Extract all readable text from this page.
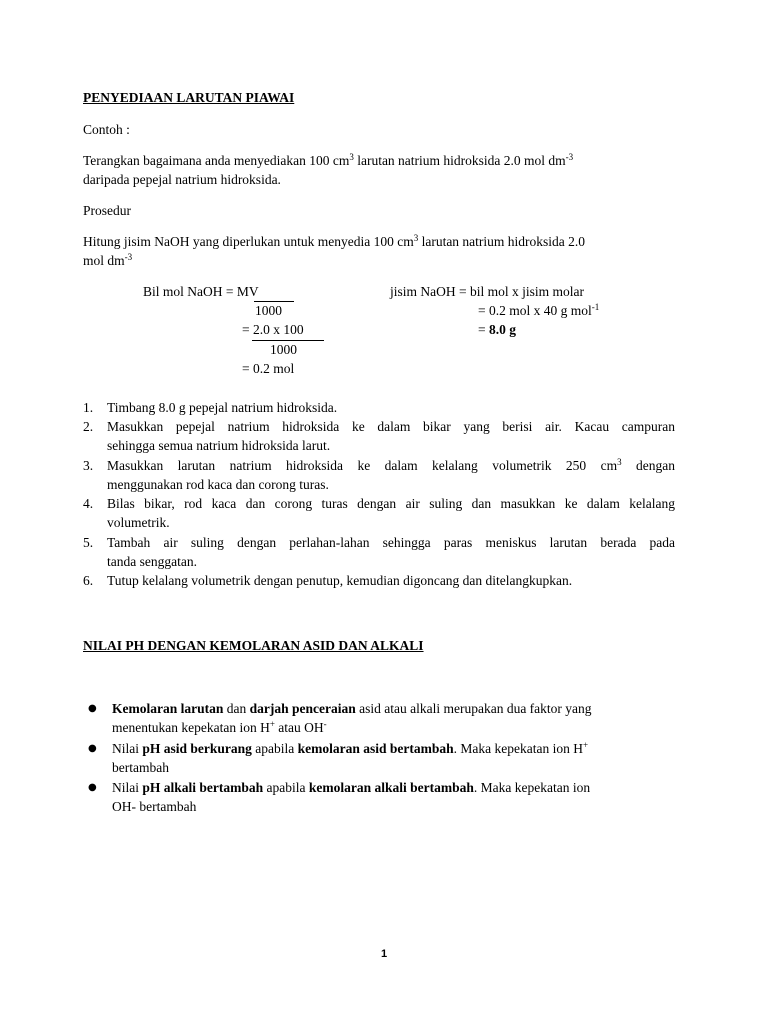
PENYEDIAAN LARUTAN PIAWAI
Contoh :
Terangkan bagaimana anda menyediakan 100 $cm^3$ larutan natrium hidroksida 2.0 mol $dm^{-3}$
daripada pepejal natrium hidroksida.
Prosedur
Hitung jisim NaOH yang diperlukan untuk menyedia 100 $cm^3$ larutan natrium hidroksida 2.0
mol $dm^{-3}$
Bil mol NaOH = MV
1000
= 2.0 x 100
1000
= 0.2 mol
jisim NaOH = bil mol x jisim molar
= 0.2 mol x 40 g mol$^{-1}$
= 8.0 g
1. Timbang 8.0 g pepejal natrium hidroksida.
2. Masukkan pepejal natrium hidroksida ke dalam bikar yang berisi air. Kacau campuran
sehingga semua natrium hidroksida larut.
3. Masukkan larutan natrium hidroksida ke dalam kelalang volumetrik 250 $cm^3$ dengan
menggunakan rod kaca dan corong turas.
4. Bilas bikar, rod kaca dan corong turas dengan air suling dan masukkan ke dalam kelalang
volumetrik.
5. Tambah air suling dengan perlahan-lahan sehingga paras meniskus larutan berada pada
tanda senggatan.
6. Tutup kelalang volumetrik dengan penutup, kemudian digoncang dan ditelangkupkan.
NILAI PH DENGAN KEMOLARAN ASID DAN ALKALI
● Kemolaran larutan dan darjah penceraian asid atau alkali merupakan dua faktor yang
menentukan kepekatan ion H+ atau OH-
● Nilai pH asid berkurang apabila kemolaran asid bertambah. Maka kepekatan ion H+
bertambah
● Nilai pH alkali bertambah apabila kemolaran alkali bertambah. Maka kepekatan ion
OH- bertambah
1
